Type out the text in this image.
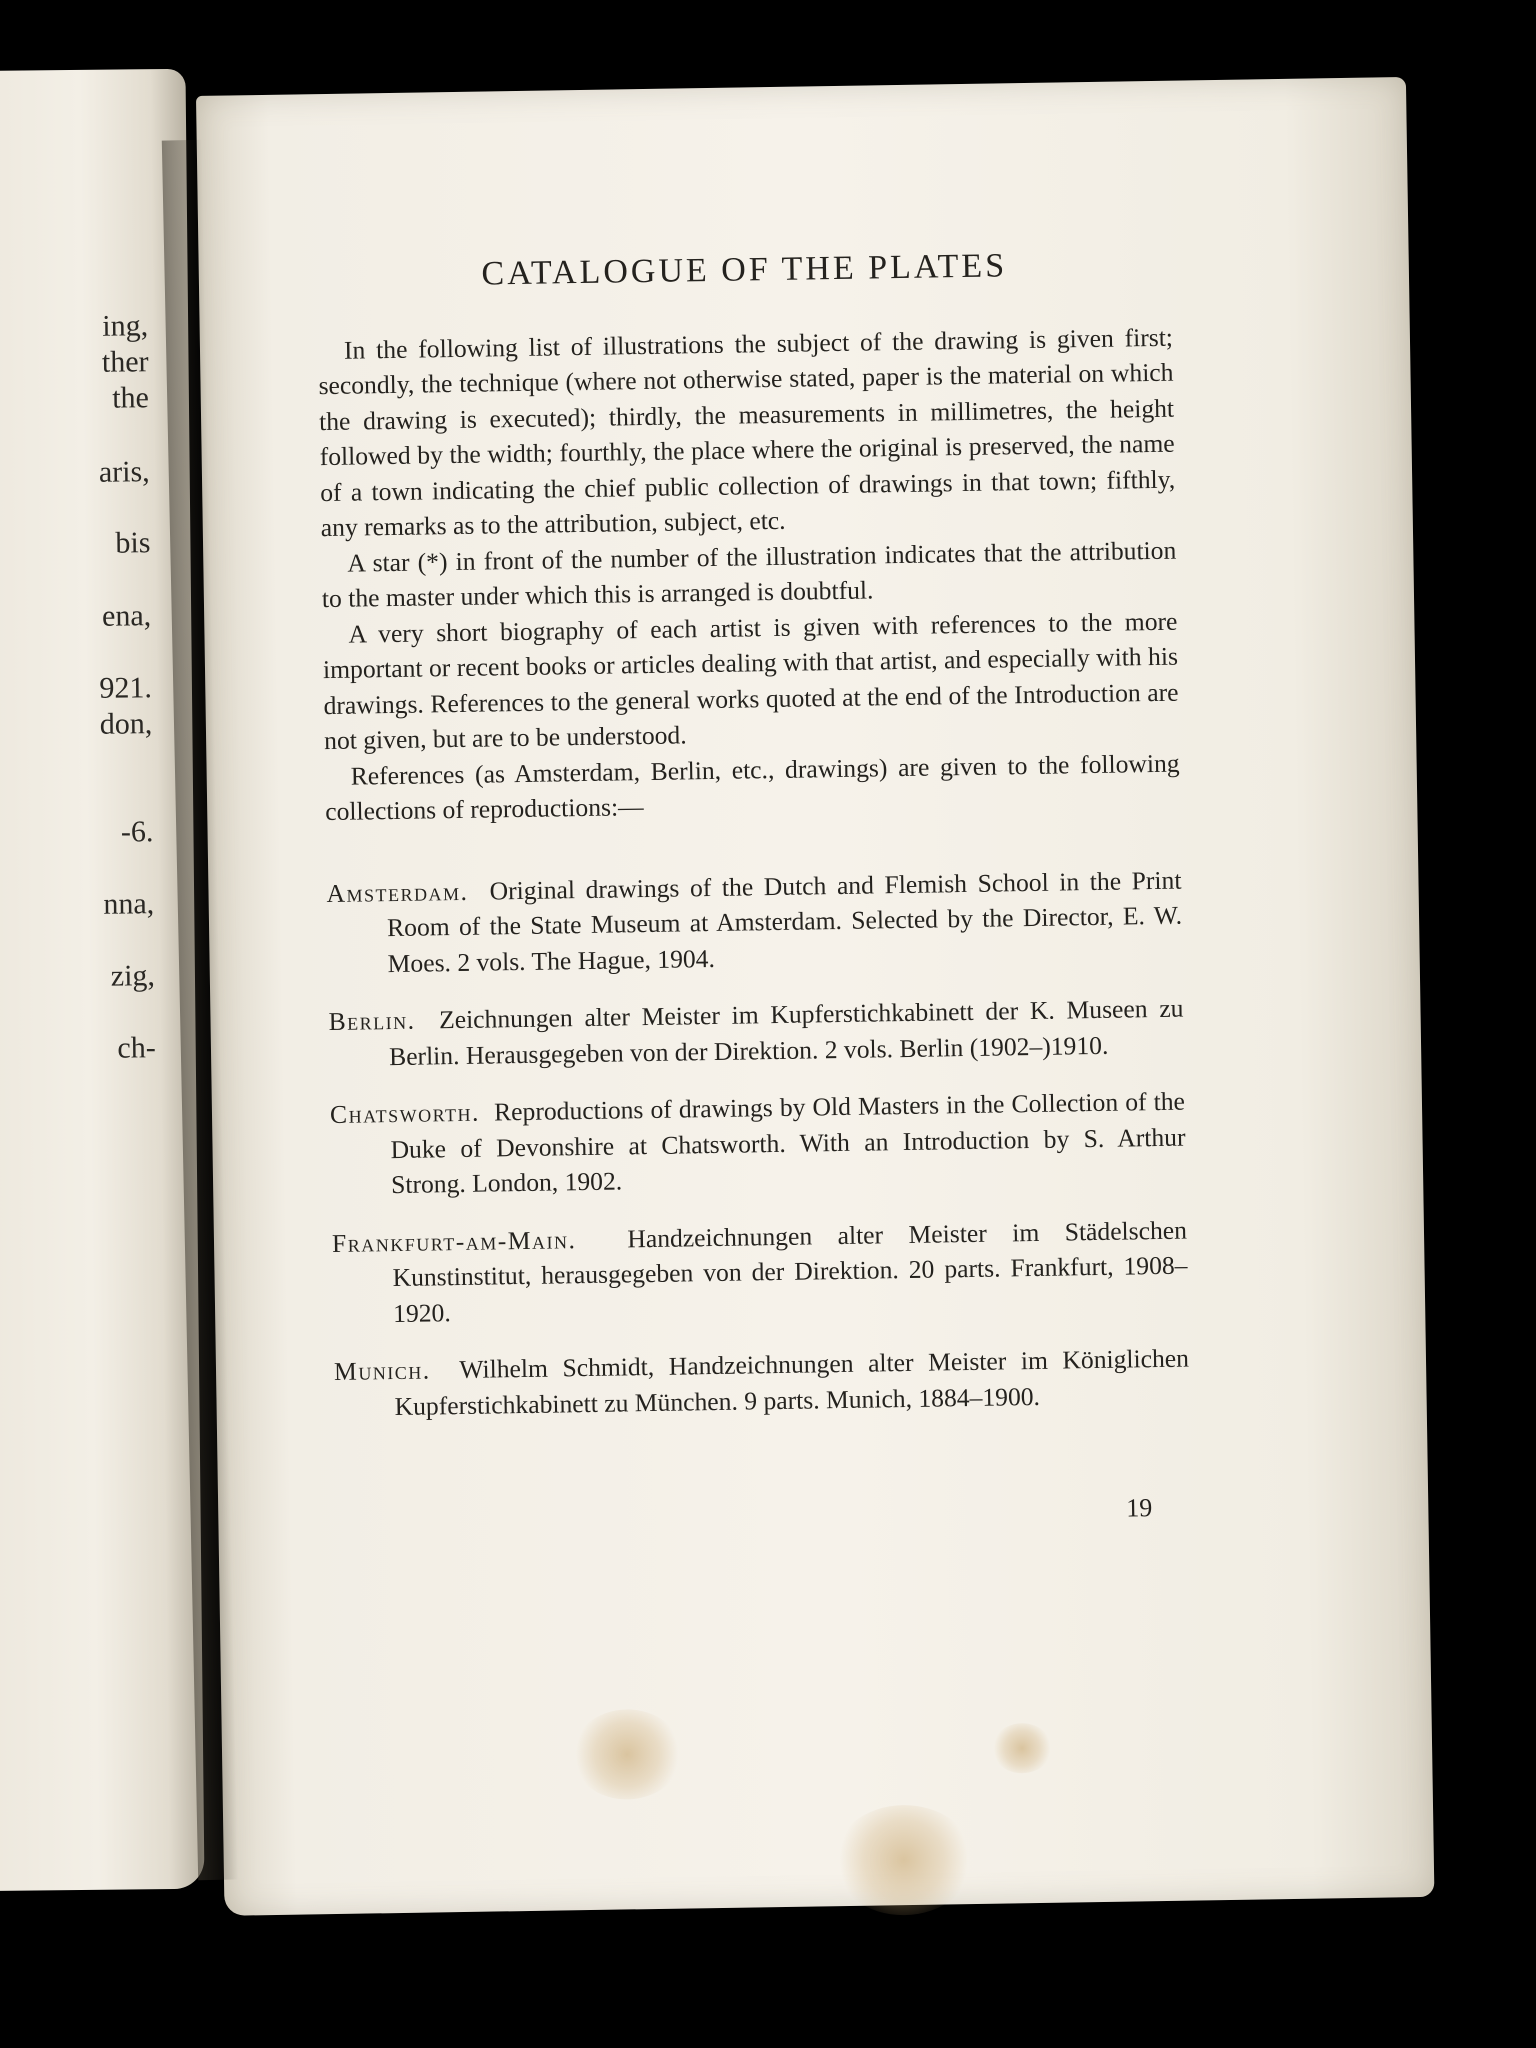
ing,
ther
the
aris,
bis
ena,
921.
don,
-6.
nna,
zig,
ch-
CATALOGUE OF THE PLATES

In the following list of illustrations the subject of the drawing is given first; secondly, the technique (where not otherwise stated, paper is the material on which the drawing is executed); thirdly, the measurements in millimetres, the height followed by the width; fourthly, the place where the original is preserved, the name of a town indicating the chief public collection of drawings in that town; fifthly, any remarks as to the attribution, subject, etc.

A star (*) in front of the number of the illustration indicates that the attribution to the master under which this is arranged is doubtful.

A very short biography of each artist is given with references to the more important or recent books or articles dealing with that artist, and especially with his drawings. References to the general works quoted at the end of the Introduction are not given, but are to be understood.

References (as Amsterdam, Berlin, etc., drawings) are given to the following collections of reproductions:—

Amsterdam. Original drawings of the Dutch and Flemish School in the Print Room of the State Museum at Amsterdam. Selected by the Director, E. W. Moes. 2 vols. The Hague, 1904.

Berlin. Zeichnungen alter Meister im Kupferstichkabinett der K. Museen zu Berlin. Herausgegeben von der Direktion. 2 vols. Berlin (1902–)1910.

Chatsworth. Reproductions of drawings by Old Masters in the Collection of the Duke of Devonshire at Chatsworth. With an Introduction by S. Arthur Strong. London, 1902.

Frankfurt-am-Main. Handzeichnungen alter Meister im Städelschen Kunstinstitut, herausgegeben von der Direktion. 20 parts. Frankfurt, 1908–1920.

Munich. Wilhelm Schmidt, Handzeichnungen alter Meister im Königlichen Kupferstichkabinett zu München. 9 parts. Munich, 1884–1900.

19
